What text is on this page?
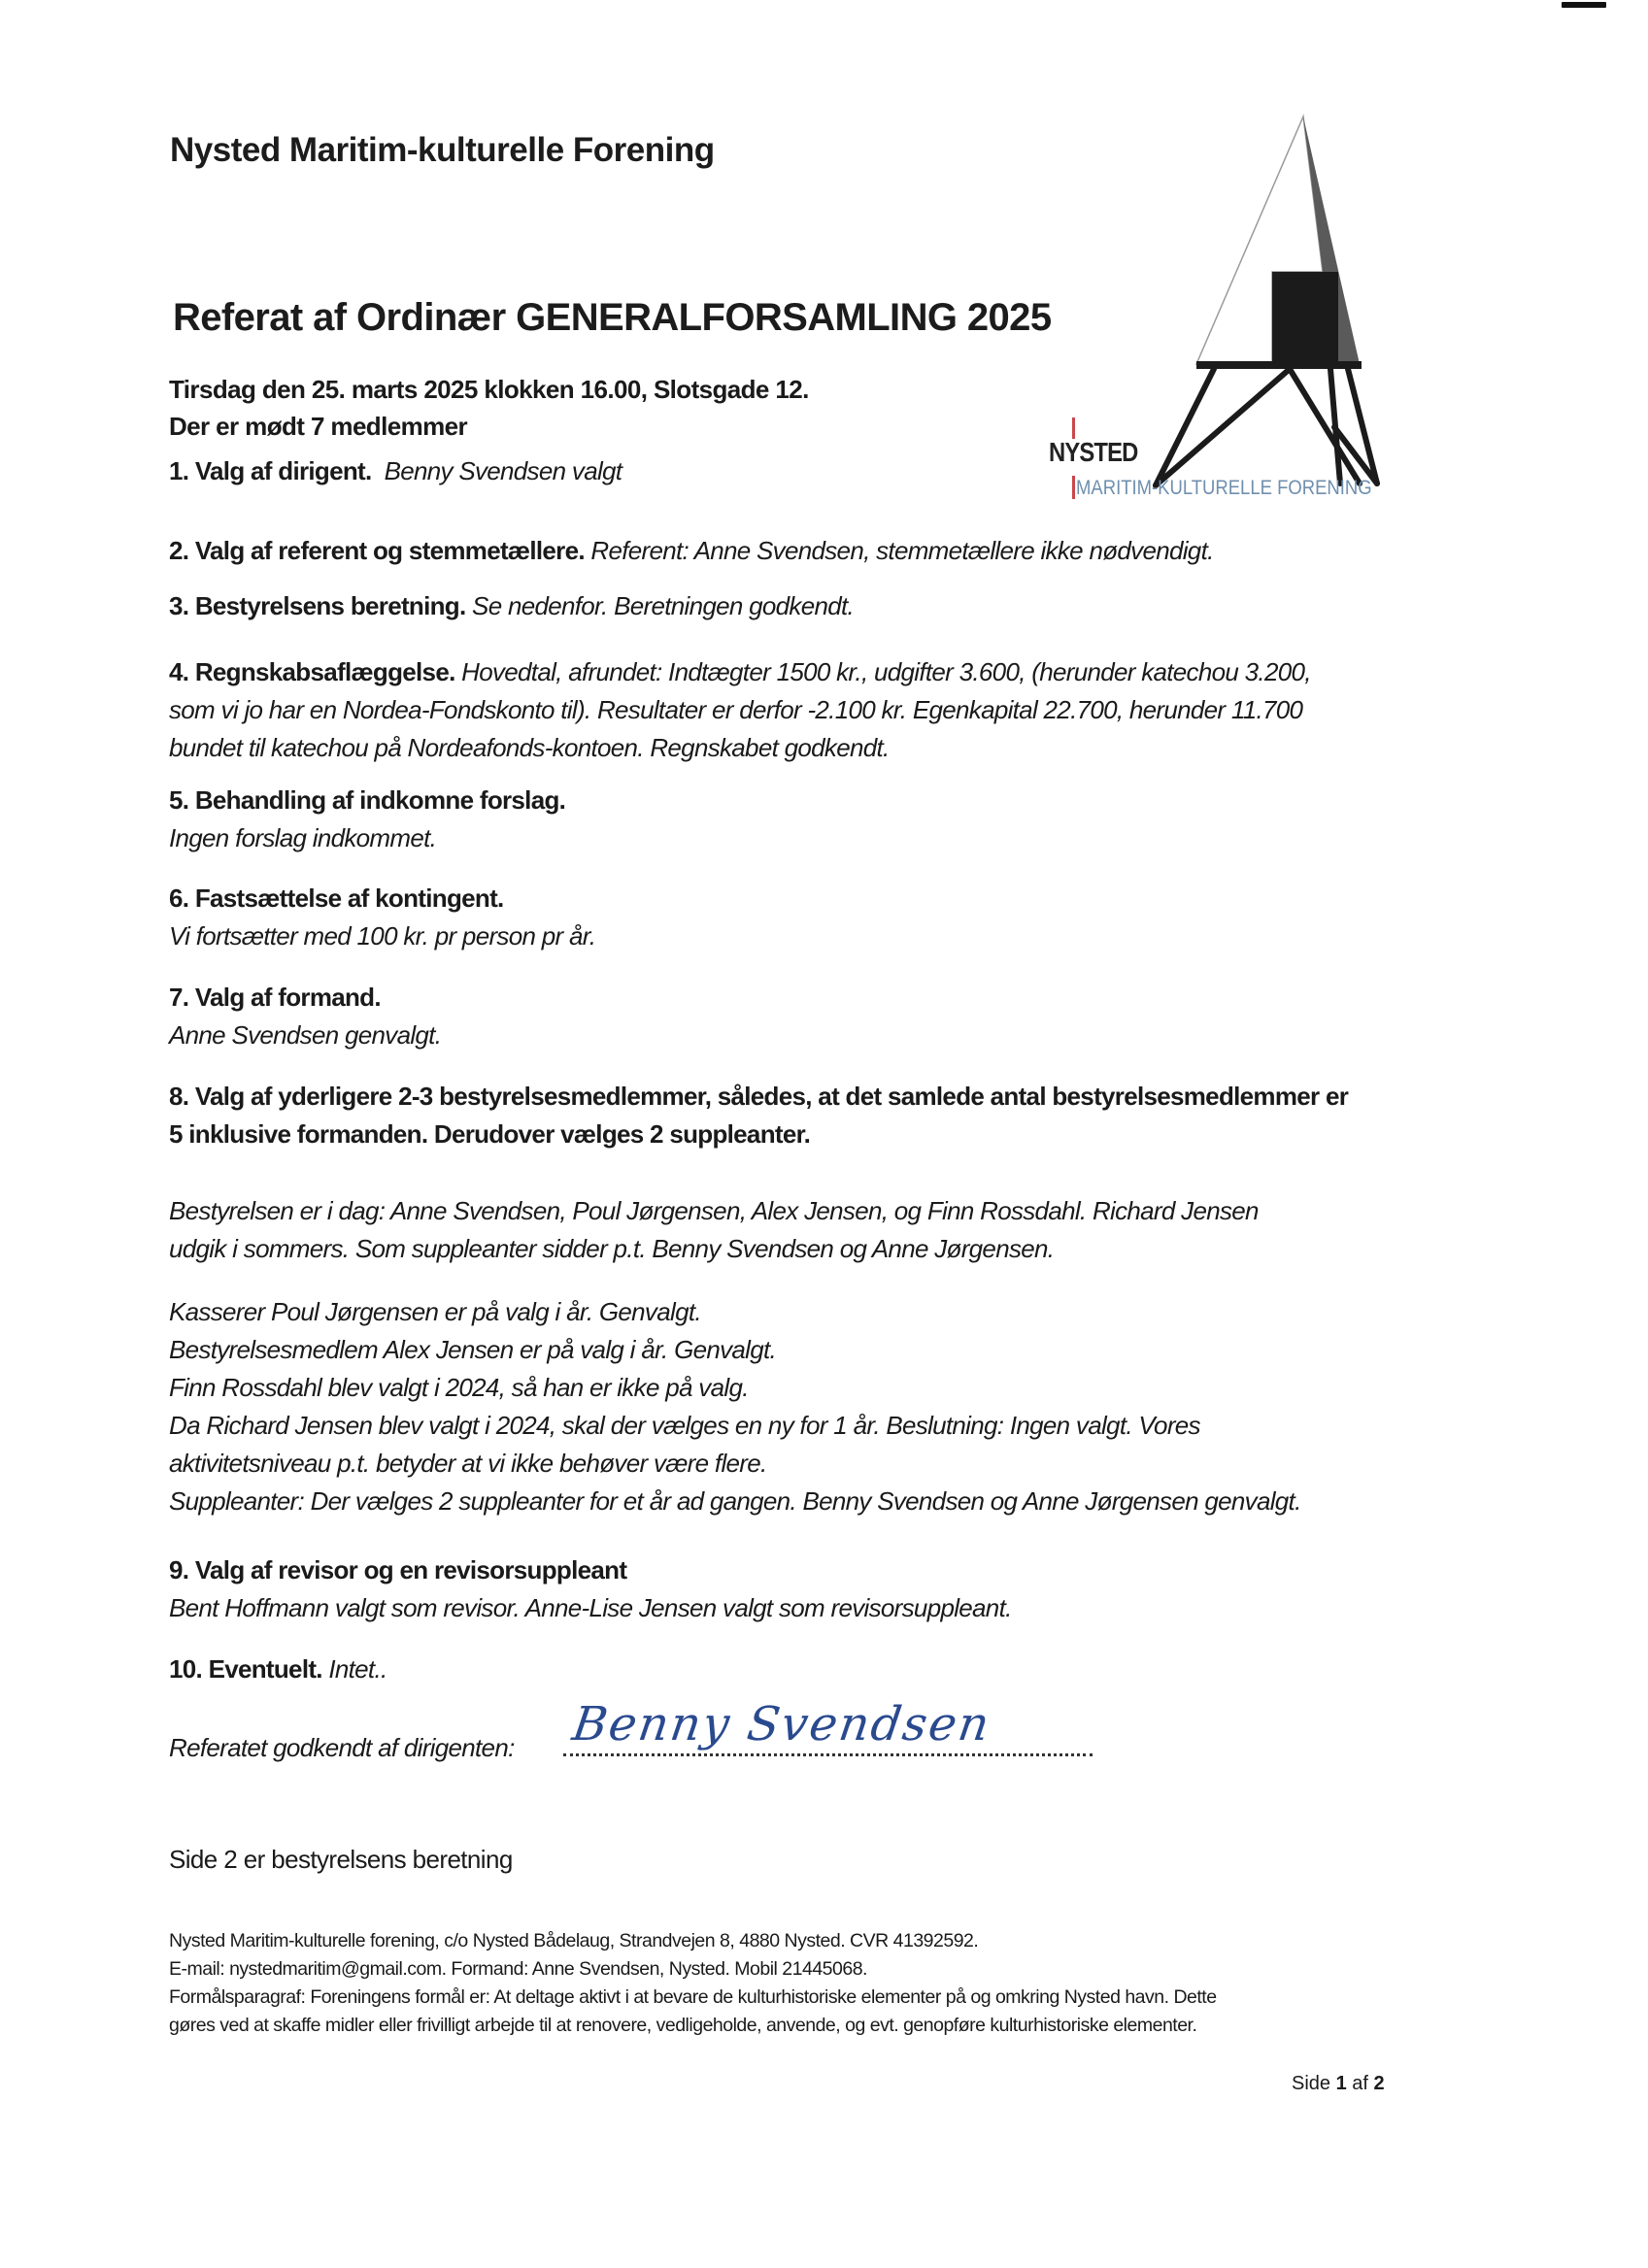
Nysted Maritim-kulturelle Forening
Referat af Ordinær GENERALFORSAMLING 2025
Tirsdag den 25. marts 2025 klokken 16.00, Slotsgade 12.
Der er mødt 7 medlemmer
NYSTED
MARITIM-KULTURELLE FORENING
1. Valg af dirigent. Benny Svendsen valgt
2. Valg af referent og stemmetællere. Referent: Anne Svendsen, stemmetællere ikke nødvendigt.
3. Bestyrelsens beretning. Se nedenfor. Beretningen godkendt.
4. Regnskabsaflæggelse. Hovedtal, afrundet: Indtægter 1500 kr., udgifter 3.600, (herunder katechou 3.200,
som vi jo har en Nordea-Fondskonto til). Resultater er derfor -2.100 kr. Egenkapital 22.700, herunder 11.700
bundet til katechou på Nordeafonds-kontoen. Regnskabet godkendt.
5. Behandling af indkomne forslag.
Ingen forslag indkommet.
6. Fastsættelse af kontingent.
Vi fortsætter med 100 kr. pr person pr år.
7. Valg af formand.
Anne Svendsen genvalgt.
8. Valg af yderligere 2-3 bestyrelsesmedlemmer, således, at det samlede antal bestyrelsesmedlemmer er
5 inklusive formanden. Derudover vælges 2 suppleanter.
Bestyrelsen er i dag: Anne Svendsen, Poul Jørgensen, Alex Jensen, og Finn Rossdahl. Richard Jensen
udgik i sommers. Som suppleanter sidder p.t. Benny Svendsen og Anne Jørgensen.
Kasserer Poul Jørgensen er på valg i år. Genvalgt.
Bestyrelsesmedlem Alex Jensen er på valg i år. Genvalgt.
Finn Rossdahl blev valgt i 2024, så han er ikke på valg.
Da Richard Jensen blev valgt i 2024, skal der vælges en ny for 1 år. Beslutning: Ingen valgt. Vores
aktivitetsniveau p.t. betyder at vi ikke behøver være flere.
Suppleanter: Der vælges 2 suppleanter for et år ad gangen. Benny Svendsen og Anne Jørgensen genvalgt.
9. Valg af revisor og en revisorsuppleant
Bent Hoffmann valgt som revisor. Anne-Lise Jensen valgt som revisorsuppleant.
10. Eventuelt. Intet..
Referatet godkendt af dirigenten: Benny Svendsen
Side 2 er bestyrelsens beretning
Nysted Maritim-kulturelle forening, c/o Nysted Bådelaug, Strandvejen 8, 4880 Nysted. CVR 41392592.
E-mail: nystedmaritim@gmail.com. Formand: Anne Svendsen, Nysted. Mobil 21445068.
Formålsparagraf: Foreningens formål er: At deltage aktivt i at bevare de kulturhistoriske elementer på og omkring Nysted havn. Dette
gøres ved at skaffe midler eller frivilligt arbejde til at renovere, vedligeholde, anvende, og evt. genopføre kulturhistoriske elementer.
Side 1 af 2
